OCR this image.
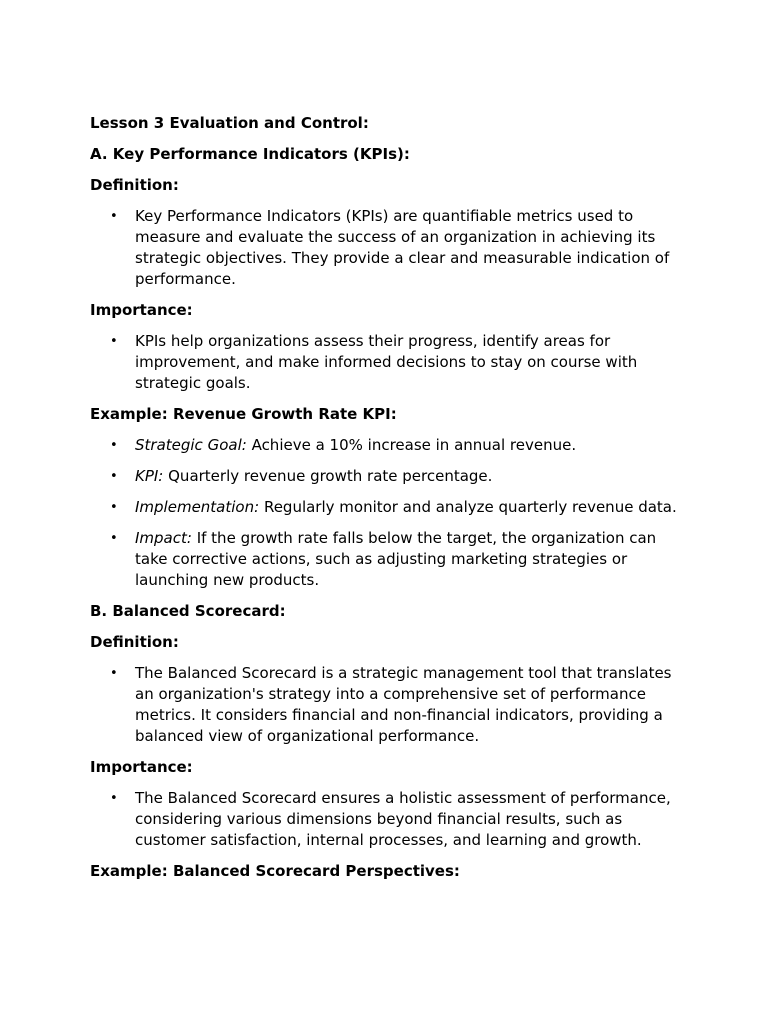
Lesson 3 Evaluation and Control:
A. Key Performance Indicators (KPIs):
Definition:
• Key Performance Indicators (KPIs) are quantifiable metrics used to measure and evaluate the success of an organization in achieving its strategic objectives. They provide a clear and measurable indication of performance.
Importance:
• KPIs help organizations assess their progress, identify areas for improvement, and make informed decisions to stay on course with strategic goals.
Example: Revenue Growth Rate KPI:
• Strategic Goal: Achieve a 10% increase in annual revenue.
• KPI: Quarterly revenue growth rate percentage.
• Implementation: Regularly monitor and analyze quarterly revenue data.
• Impact: If the growth rate falls below the target, the organization can take corrective actions, such as adjusting marketing strategies or launching new products.
B. Balanced Scorecard:
Definition:
• The Balanced Scorecard is a strategic management tool that translates an organization's strategy into a comprehensive set of performance metrics. It considers financial and non-financial indicators, providing a balanced view of organizational performance.
Importance:
• The Balanced Scorecard ensures a holistic assessment of performance, considering various dimensions beyond financial results, such as customer satisfaction, internal processes, and learning and growth.
Example: Balanced Scorecard Perspectives:
